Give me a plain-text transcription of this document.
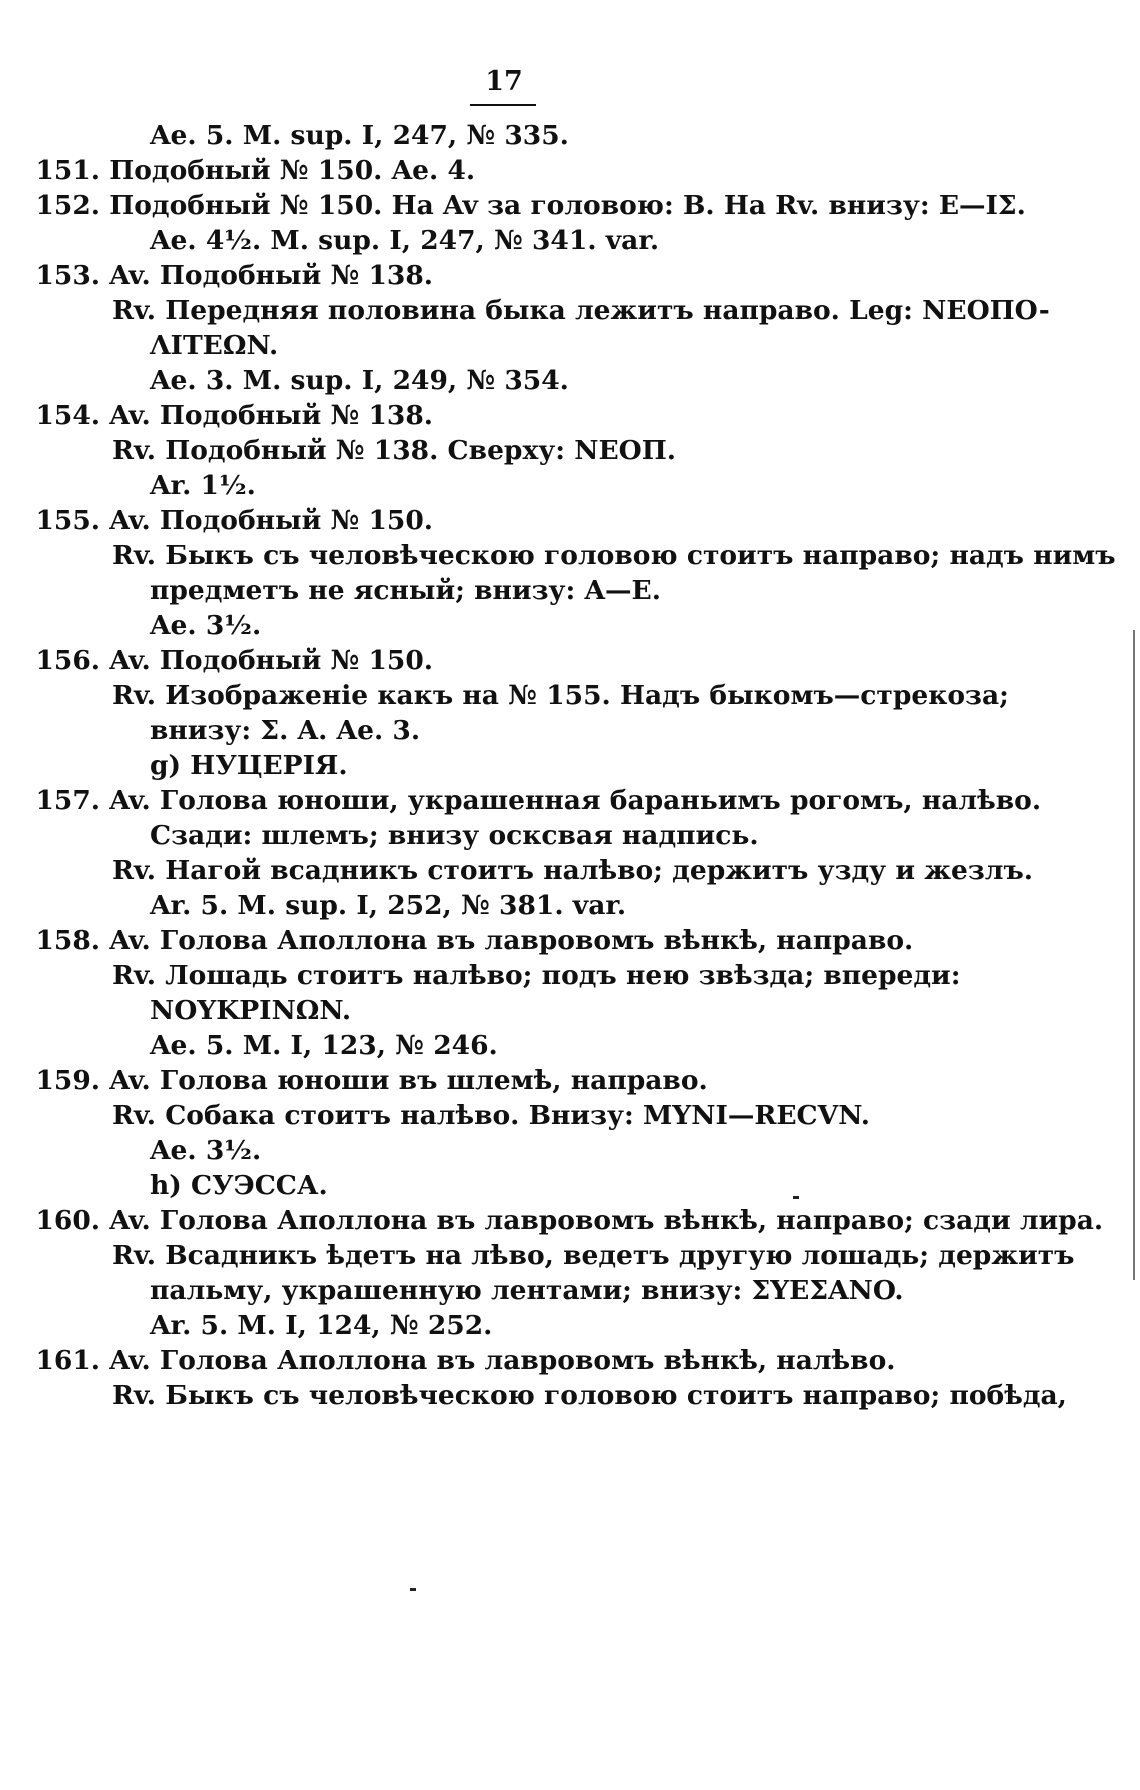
17
Ae. 5. M. sup. I, 247, № 335.
151. Подобный № 150. Ae. 4.
152. Подобный № 150. На Av за головою: B. На Rv. внизу: E—IΣ.
Ae. 4½. M. sup. I, 247, № 341. var.
153. Av. Подобный № 138.
Rv. Передняя половина быка лежитъ направо. Leg: NEOΠO-
ΛITEΩN.
Ae. 3. M. sup. I, 249, № 354.
154. Av. Подобный № 138.
Rv. Подобный № 138. Сверху: NEOΠ.
Ar. 1½.
155. Av. Подобный № 150.
Rv. Быкъ съ человѣческою головою стоитъ направо; надъ нимъ
предметъ не ясный; внизу: A—E.
Ae. 3½.
156. Av. Подобный № 150.
Rv. Изображеніе какъ на № 155. Надъ быкомъ—стрекоза;
внизу: Σ. A. Ae. 3.
g) НУЦЕРІЯ.
157. Av. Голова юноши, украшенная бараньимъ рогомъ, налѣво.
Сзади: шлемъ; внизу осксвая надпись.
Rv. Нагой всадникъ стоитъ налѣво; держитъ узду и жезлъ.
Ar. 5. M. sup. I, 252, № 381. var.
158. Av. Голова Аполлона въ лавровомъ вѣнкѣ, направо.
Rv. Лошадь стоитъ налѣво; подъ нею звѣзда; впереди:
NOYKPINΩN.
Ae. 5. M. I, 123, № 246.
159. Av. Голова юноши въ шлемѣ, направо.
Rv. Собака стоитъ налѣво. Внизу: MYNI—RECVN.
Ae. 3½.
h) СУЭССА.
160. Av. Голова Аполлона въ лавровомъ вѣнкѣ, направо; сзади лира.
Rv. Всадникъ ѣдетъ на лѣво, ведетъ другую лошадь; держитъ
пальму, украшенную лентами; внизу: ΣYEΣANO.
Ar. 5. M. I, 124, № 252.
161. Av. Голова Аполлона въ лавровомъ вѣнкѣ, налѣво.
Rv. Быкъ съ человѣческою головою стоитъ направо; побѣда,
